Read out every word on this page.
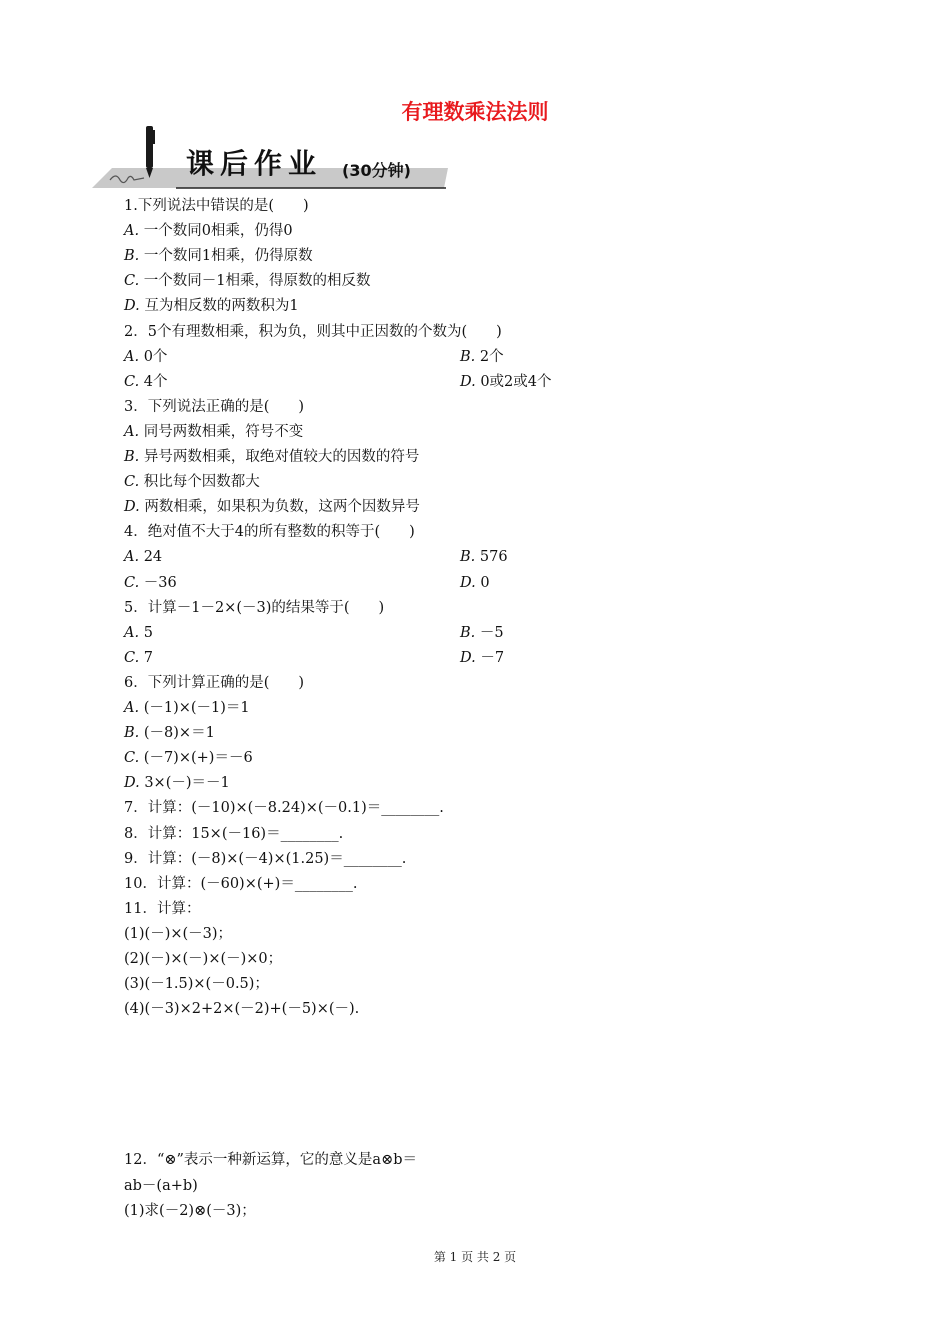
有理数乘法法则
课后作业 (30分钟)
1.下列说法中错误的是(　　)
A. 一个数同0相乘，仍得0
B. 一个数同1相乘，仍得原数
C. 一个数同－1相乘，得原数的相反数
D. 互为相反数的两数积为1
2．5个有理数相乘，积为负，则其中正因数的个数为(　　)
A. 0个	B. 2个
C. 4个	D. 0或2或4个
3．下列说法正确的是(　　)
A. 同号两数相乘，符号不变
B. 异号两数相乘，取绝对值较大的因数的符号
C. 积比每个因数都大
D. 两数相乘，如果积为负数，这两个因数异号
4．绝对值不大于4的所有整数的积等于(　　)
A. 24	B. 576
C. －36	D. 0
5．计算－1－2×(－3)的结果等于(　　)
A. 5	B. －5
C. 7	D. －7
6．下列计算正确的是(　　)
A. (－1)×(－1)＝1
B. (－8)×＝1
C. (－7)×(+)＝－6
D. 3×(－)＝－1
7．计算：(－10)×(－8.24)×(－0.1)＝________.
8．计算：15×(－16)＝________.
9．计算：(－8)×(－4)×(1.25)＝________.
10．计算：(－60)×(+)＝________.
11．计算：
(1)(－)×(－3)；
(2)(－)×(－)×(－)×0；
(3)(－1.5)×(－0.5)；
(4)(－3)×2+2×(－2)+(－5)×(－).
12．“⊗”表示一种新运算，它的意义是a⊗b＝
ab－(a+b)
(1)求(－2)⊗(－3)；
第 1 页 共 2 页
